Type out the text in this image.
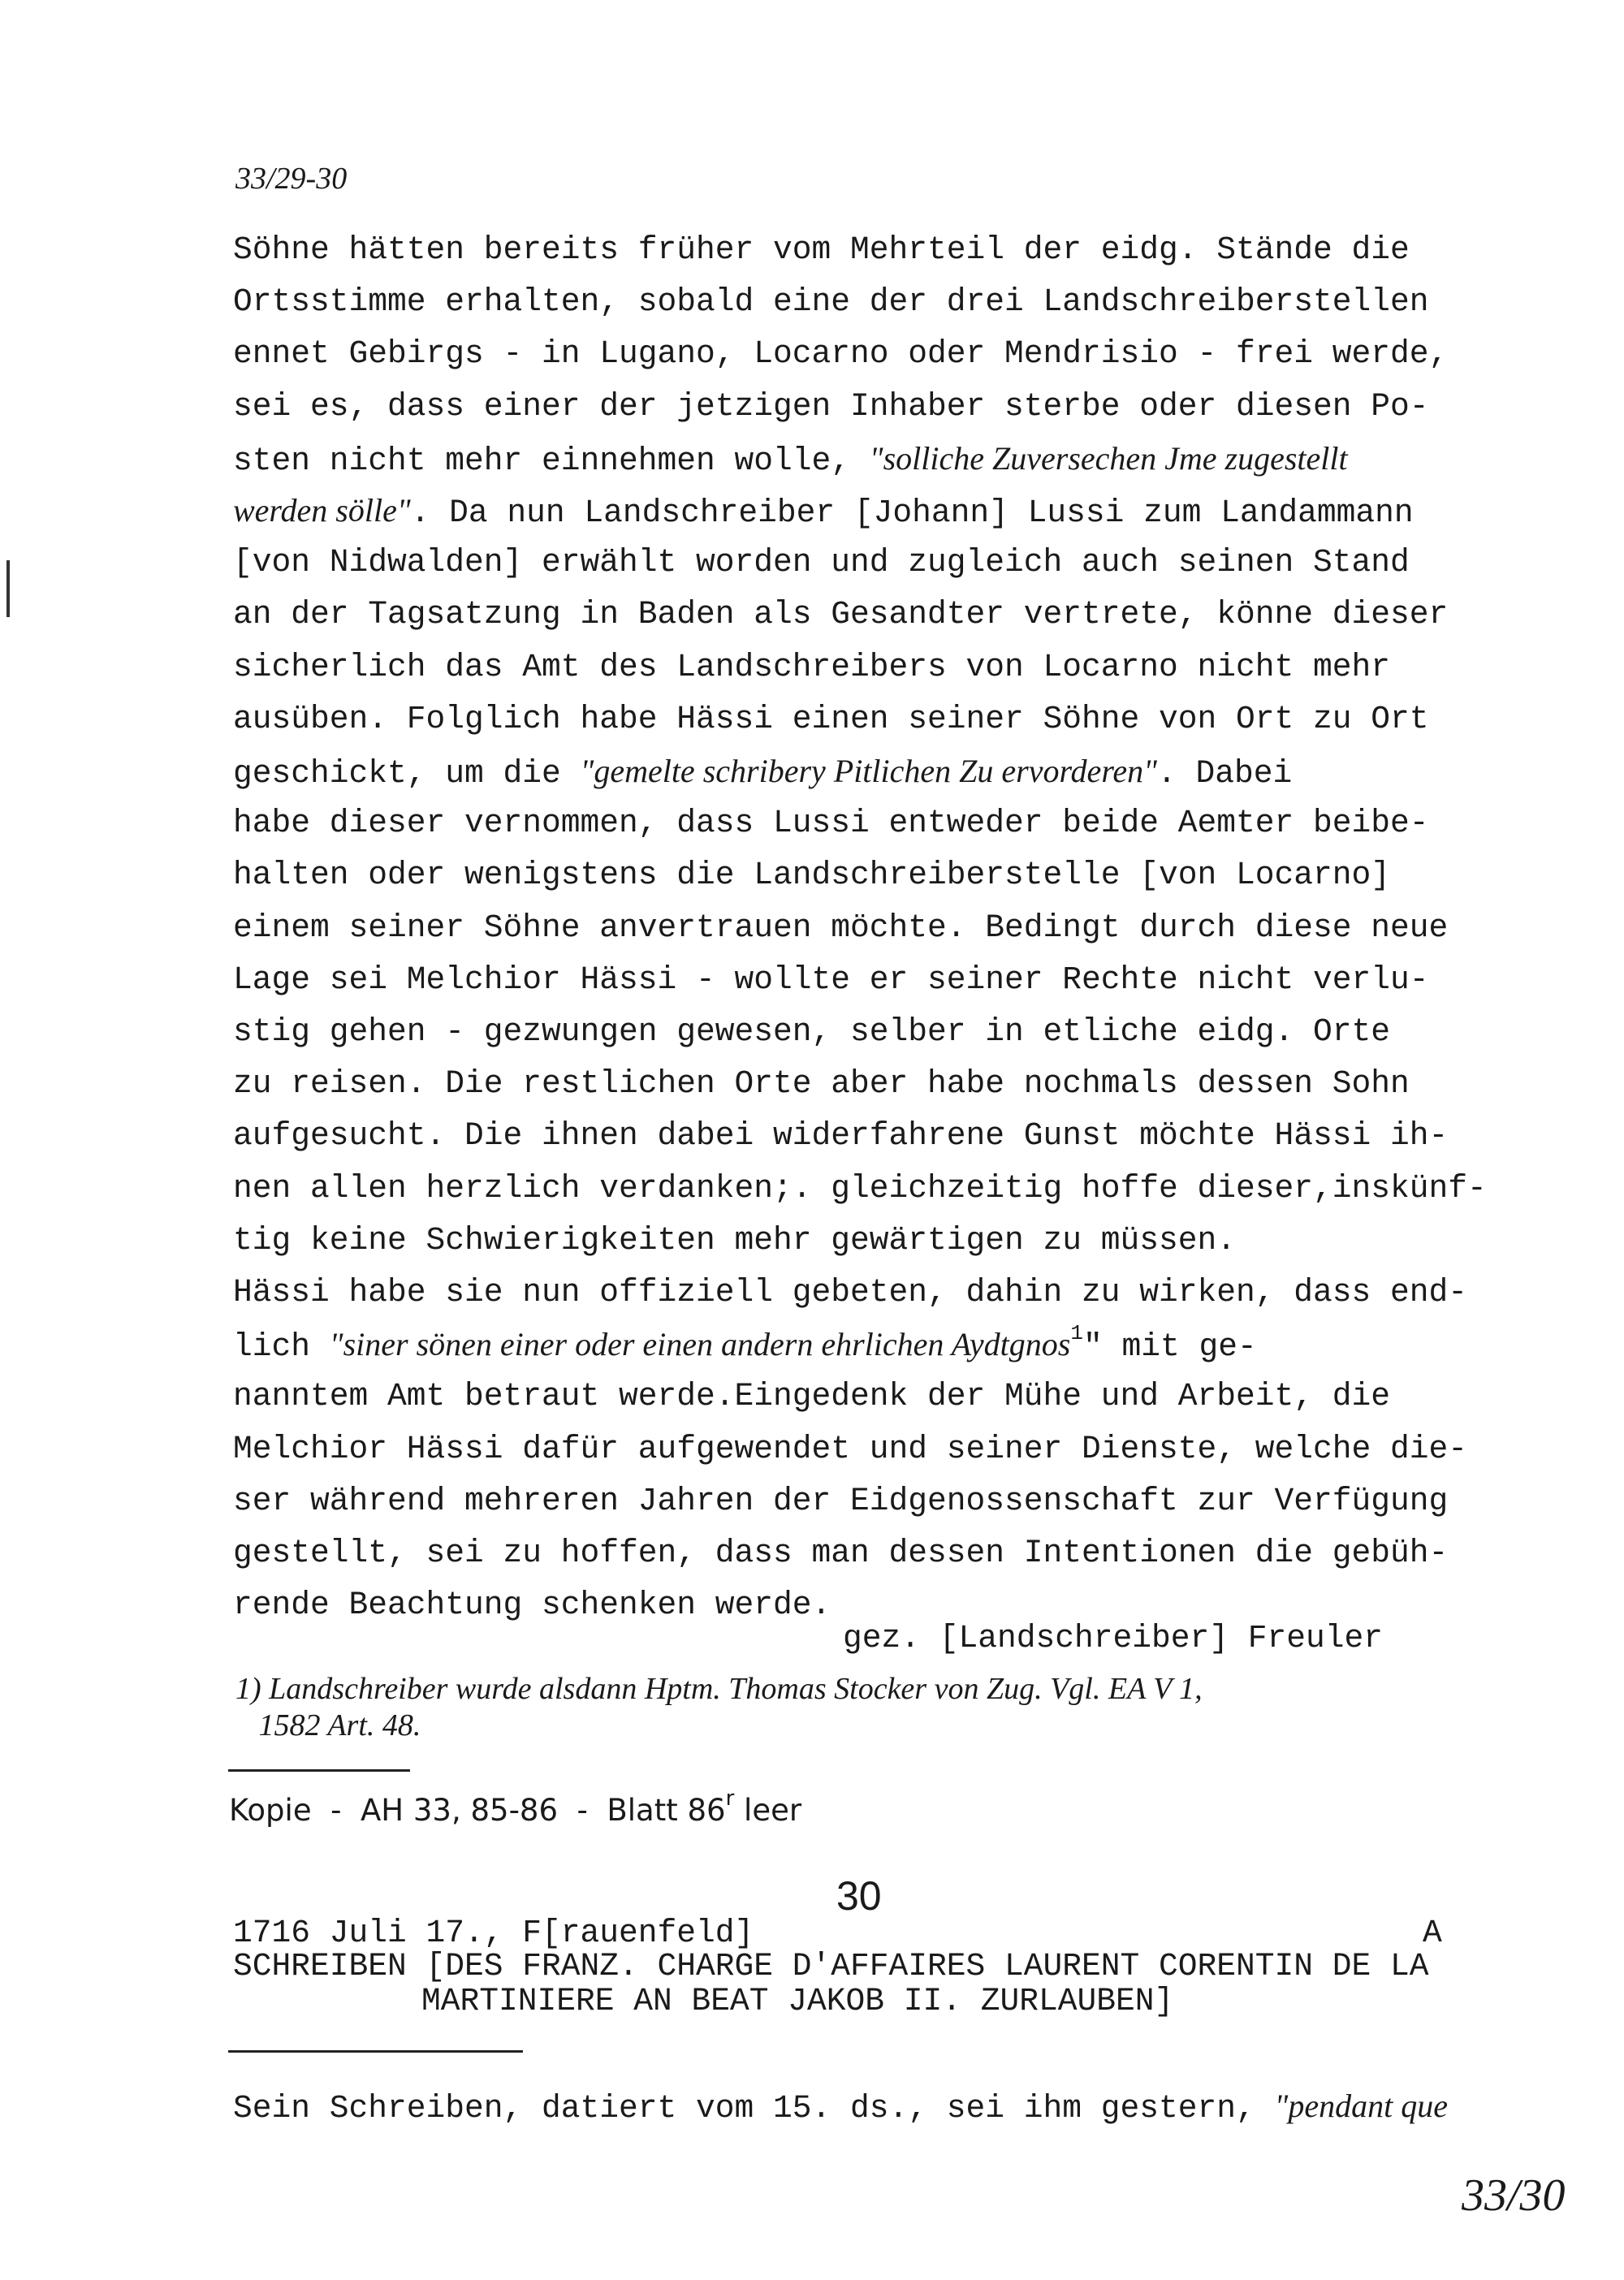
33/29-30
Söhne hätten bereits früher vom Mehrteil der eidg. Stände die
Ortsstimme erhalten, sobald eine der drei Landschreiberstellen
ennet Gebirgs - in Lugano, Locarno oder Mendrisio - frei werde,
sei es, dass einer der jetzigen Inhaber sterbe oder diesen Po-
sten nicht mehr einnehmen wolle, "solliche Zuversechen Jme zugestellt
werden sölle". Da nun Landschreiber [Johann] Lussi zum Landammann
[von Nidwalden] erwählt worden und zugleich auch seinen Stand
an der Tagsatzung in Baden als Gesandter vertrete, könne dieser
sicherlich das Amt des Landschreibers von Locarno nicht mehr
ausüben. Folglich habe Hässi einen seiner Söhne von Ort zu Ort
geschickt, um die "gemelte schribery Pitlichen Zu ervorderen". Dabei
habe dieser vernommen, dass Lussi entweder beide Aemter beibe-
halten oder wenigstens die Landschreiberstelle [von Locarno]
einem seiner Söhne anvertrauen möchte. Bedingt durch diese neue
Lage sei Melchior Hässi - wollte er seiner Rechte nicht verlu-
stig gehen - gezwungen gewesen, selber in etliche eidg. Orte
zu reisen. Die restlichen Orte aber habe nochmals dessen Sohn
aufgesucht. Die ihnen dabei widerfahrene Gunst möchte Hässi ih-
nen allen herzlich verdanken;. gleichzeitig hoffe dieser,inskünf-
tig keine Schwierigkeiten mehr gewärtigen zu müssen.
Hässi habe sie nun offiziell gebeten, dahin zu wirken, dass end-
lich "siner sönen einer oder einen andern ehrlichen Aydtgnos$^1$" mit ge-
nanntem Amt betraut werde.Eingedenk der Mühe und Arbeit, die
Melchior Hässi dafür aufgewendet und seiner Dienste, welche die-
ser während mehreren Jahren der Eidgenossenschaft zur Verfügung
gestellt, sei zu hoffen, dass man dessen Intentionen die gebüh-
rende Beachtung schenken werde.
gez. [Landschreiber] Freuler
1) Landschreiber wurde alsdann Hptm. Thomas Stocker von Zug. Vgl. EA V 1,
1582 Art. 48.
Kopie  -  AH 33, 85-86  -  Blatt 86$^r$ leer
30
1716 Juli 17., F[rauenfeld]	A
SCHREIBEN [DES FRANZ. CHARGE D'AFFAIRES LAURENT CORENTIN DE LA
MARTINIERE AN BEAT JAKOB II. ZURLAUBEN]
Sein Schreiben, datiert vom 15. ds., sei ihm gestern, "pendant que
33/30
